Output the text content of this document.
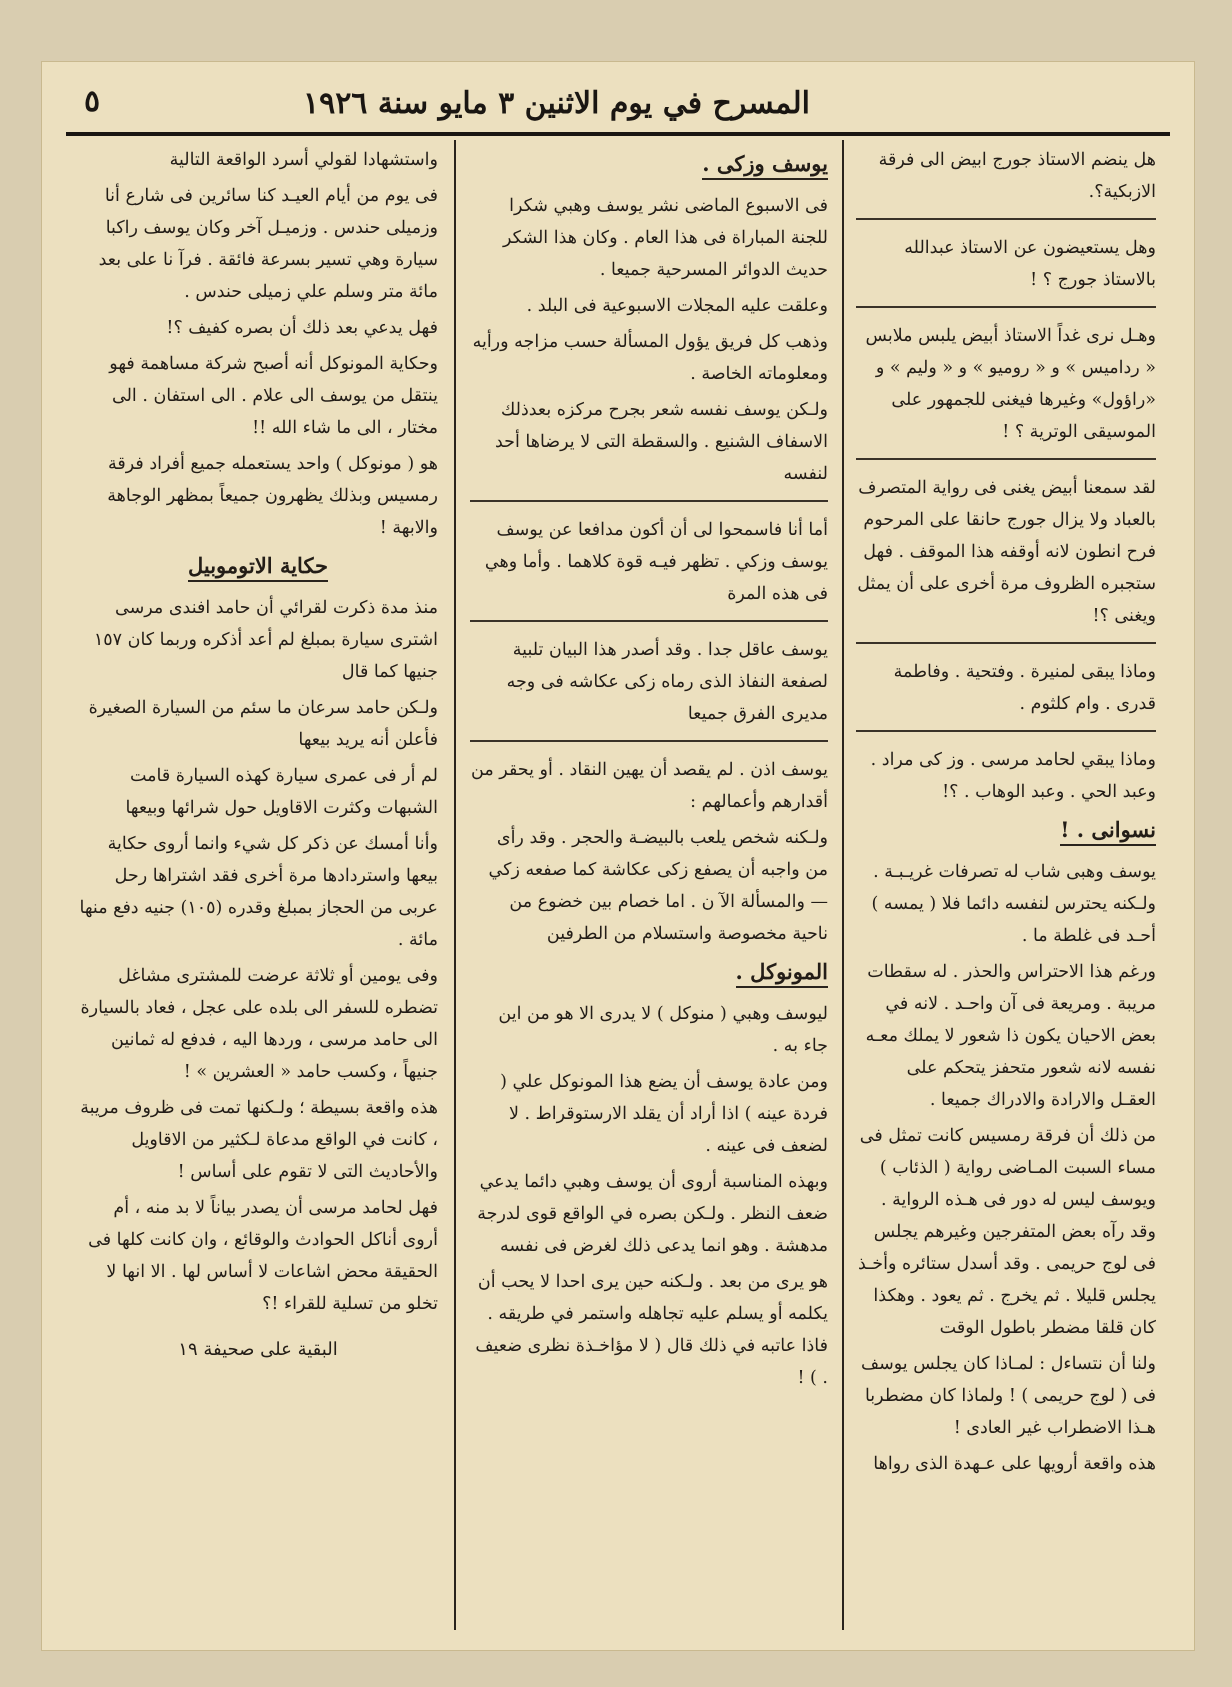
المسرح في يوم الاثنين ٣ مايو سنة ١٩٢٦
٥

هل ينضم الاستاذ جورج ابيض الى فرقة الازبكية؟.

وهل يستعيضون عن الاستاذ عبدالله بالاستاذ جورج ؟ !

وهـل نرى غداً الاستاذ أبيض يلبس ملابس « ردامیس » و « روميو » و « وليم » و «راؤول» وغيرها فيغنى للجمهور على الموسيقى الوترية ؟ !

لقد سمعنا أبيض يغنى فى رواية المتصرف بالعباد ولا يزال جورج حانقا على المرحوم فرح انطون لانه أوقفه هذا الموقف . فهل ستجبره الظروف مرة أخرى على أن يمثل ويغنى ؟!

وماذا يبقى لمنيرة . وفتحية . وفاطمة قدرى . وام كلثوم .

وماذا يبقي لحامد مرسى . وز كى مراد . وعبد الحي . وعبد الوهاب . ؟!

نسوانى . !

يوسف وهبى شاب له تصرفات غريـبـة . ولـكنه يحترس لنفسه دائما فلا ( يمسه ) أحـد فى غلطة ما .

ورغم هذا الاحتراس والحذر . له سقطات مريبة . ومريعة فى آن واحـد . لانه في بعض الاحيان يكون ذا شعور لا يملك معـه نفسه لانه شعور متحفز يتحكم على العقـل والارادة والادراك جميعا .

من ذلك أن فرقة رمسيس كانت تمثل فى مساء السبت المـاضى رواية ( الذئاب ) ويوسف ليس له دور فى هـذه الرواية . وقد رآه بعض المتفرجين وغيرهم يجلس فى لوج حريمى . وقد أسدل ستائره وأخـذ يجلس قليلا . ثم يخرج . ثم يعود . وهكذا كان قلقا مضطر باطول الوقت

ولنا أن نتساءل : لمـاذا كان يجلس يوسف فى ( لوج حريمى ) ! ولماذا كان مضطربا هـذا الاضطراب غير العادى !

هذه واقعة أرويها على عـهدة الذى رواها

يوسف وزكى .

فى الاسبوع الماضى نشر يوسف وهبي شكرا للجنة المباراة فى هذا العام . وكان هذا الشكر حديث الدوائر المسرحية جميعا .

وعلقت عليه المجلات الاسبوعية فى البلد .

وذهب كل فريق يؤول المسألة حسب مزاجه ورأيه ومعلوماته الخاصة .

ولـكن يوسف نفسه شعر بجرح مركزه بعدذلك الاسفاف الشنيع . والسقطة التى لا يرضاها أحد لنفسه

أما أنا فاسمحوا لى أن أكون مدافعا عن يوسف يوسف وزكي . تظهر فيـه قوة كلاهما . وأما وهي فى هذه المرة

يوسف عاقل جدا . وقد أصدر هذا البيان تلبية لصفعة النفاذ الذى رماه زكى عكاشه فى وجه مديرى الفرق جميعا

يوسف اذن . لم يقصد أن يهين النقاد . أو يحقر من أقدارهم وأعمالهم :

ولـكنه شخص يلعب بالبيضـة والحجر . وقد رأى من واجبه أن يصفع زكى عكاشة كما صفعه زكي — والمسألة الآ ن . اما خصام بين خضوع من ناحية مخصوصة واستسلام من الطرفين

المونوكل .

ليوسف وهبي ( منوكل ) لا يدرى الا هو من اين جاء به .

ومن عادة يوسف أن يضع هذا المونوكل علي ( فردة عينه ) اذا أراد أن يقلد الارستوقراط . لا لضعف فى عينه .

وبهذه المناسبة أروى أن يوسف وهبي دائما يدعي ضعف النظر . ولـكن بصره في الواقع قوى لدرجة مدهشة . وهو انما يدعى ذلك لغرض فى نفسه

هو يرى من بعد . ولـكنه حين يرى احدا لا يحب أن يكلمه أو يسلم عليه تجاهله واستمر في طريقه . فاذا عاتبه في ذلك قال ( لا مؤاخـذة نظرى ضعيف . ) !

واستشهادا لقولي أسرد الواقعة التالية

فى يوم من أيام العيـد كنا سائرين فى شارع أنا وزميلى حندس . وزميـل آخر وكان يوسف راكبا سيارة وهي تسير بسرعة فائقة . فرآ نا على بعد مائة متر وسلم علي زميلى حندس .

فهل يدعي بعد ذلك أن بصره كفيف ؟!

وحكاية المونوكل أنه أصبح شركة مساهمة فهو ينتقل من يوسف الى علام . الى استفان . الى مختار ، الى ما شاء الله !!

هو ( مونوكل ) واحد يستعمله جميع أفراد فرقة رمسيس وبذلك يظهرون جميعاً بمظهر الوجاهة والابهة !

حكاية الاتوموبيل

منذ مدة ذكرت لقرائي أن حامد افندى مرسى اشترى سيارة بمبلغ لم أعد أذكره وربما كان ١٥٧ جنيها كما قال

ولـكن حامد سرعان ما سئم من السيارة الصغيرة فأعلن أنه يريد بيعها

لم أر فى عمرى سيارة كهذه السيارة قامت الشبهات وكثرت الاقاويل حول شرائها وبيعها

وأنا أمسك عن ذكر كل شيء وانما أروى حكاية بيعها واستردادها مرة أخرى فقد اشتراها رحل عربى من الحجاز بمبلغ وقدره (١٠٥) جنيه دفع منها مائة .

وفى يومين أو ثلاثة عرضت للمشترى مشاغل تضطره للسفر الى بلده على عجل ، فعاد بالسيارة الى حامد مرسى ، وردها اليه ، فدفع له ثمانين جنيهاً ، وكسب حامد « العشرين » !

هذه واقعة بسيطة ؛ ولـكنها تمت فى ظروف مريبة ، كانت في الواقع مدعاة لـكثير من الاقاويل والأحاديث التى لا تقوم على أساس !

فهل لحامد مرسى أن يصدر بياناً لا بد منه ، أم أروى أناكل الحوادث والوقائع ، وان كانت كلها فى الحقيقة محض اشاعات لا أساس لها . الا انها لا تخلو من تسلية للقراء !؟

البقية على صحيفة ١٩
